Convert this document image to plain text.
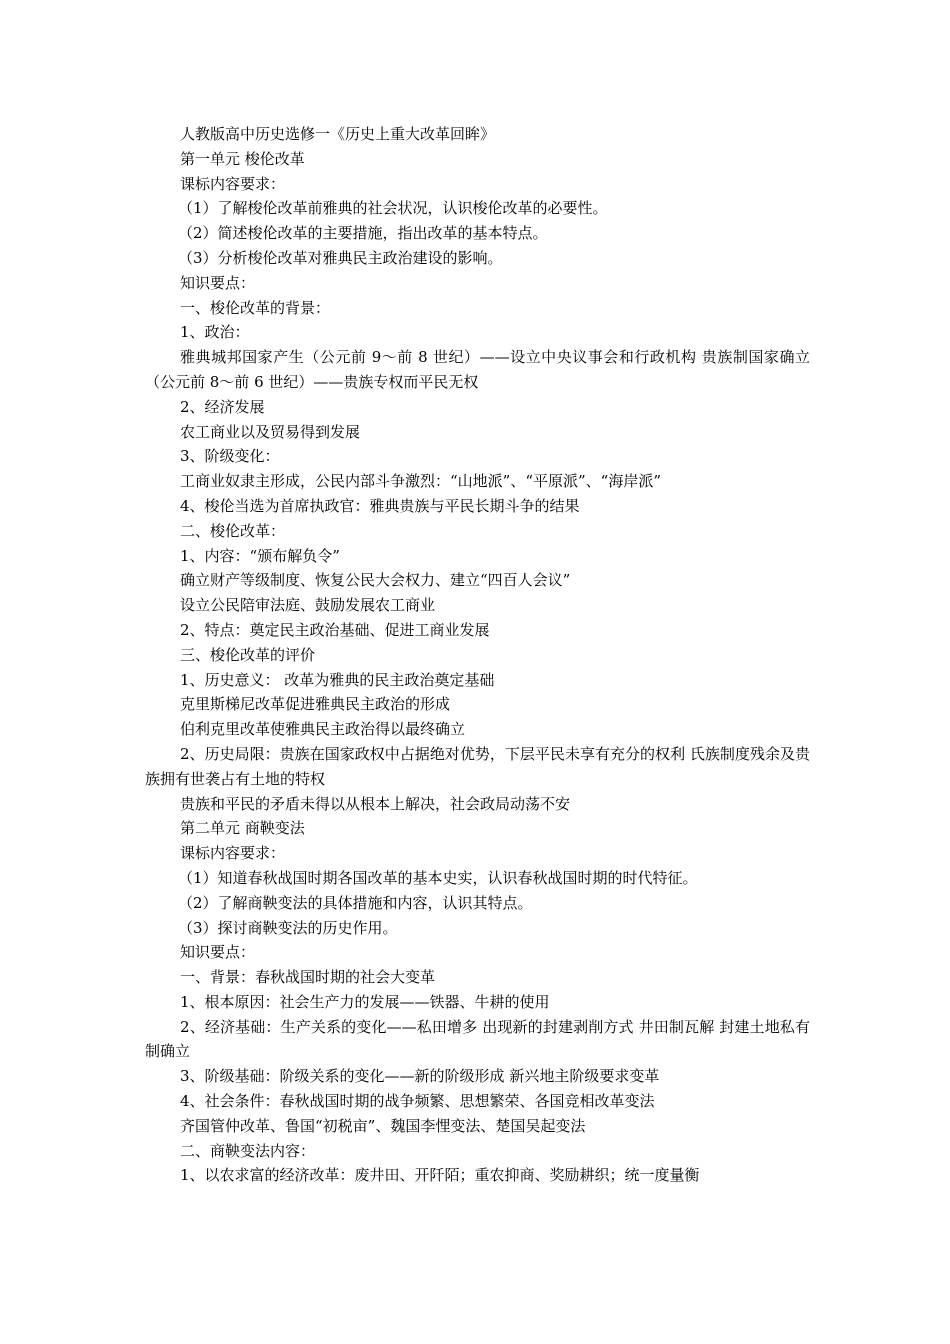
人教版高中历史选修一《历史上重大改革回眸》
第一单元 梭伦改革
课标内容要求：
（1）了解梭伦改革前雅典的社会状况，认识梭伦改革的必要性。
（2）简述梭伦改革的主要措施，指出改革的基本特点。
（3）分析梭伦改革对雅典民主政治建设的影响。
知识要点：
一、梭伦改革的背景：
1、政治：
雅典城邦国家产生（公元前 9～前 8 世纪）——设立中央议事会和行政机构 贵族制国家确立（公元前 8～前 6 世纪）——贵族专权而平民无权
2、经济发展
农工商业以及贸易得到发展
3、阶级变化：
工商业奴隶主形成，公民内部斗争激烈：“山地派”、“平原派”、“海岸派”
4、梭伦当选为首席执政官：雅典贵族与平民长期斗争的结果
二、梭伦改革：
1、内容：“颁布解负令”
确立财产等级制度、恢复公民大会权力、建立“四百人会议”
设立公民陪审法庭、鼓励发展农工商业
2、特点：奠定民主政治基础、促进工商业发展
三、梭伦改革的评价
1、历史意义： 改革为雅典的民主政治奠定基础
克里斯梯尼改革促进雅典民主政治的形成
伯利克里改革使雅典民主政治得以最终确立
2、历史局限：贵族在国家政权中占据绝对优势，下层平民未享有充分的权利 氏族制度残余及贵族拥有世袭占有土地的特权
贵族和平民的矛盾未得以从根本上解决，社会政局动荡不安
第二单元 商鞅变法
课标内容要求：
（1）知道春秋战国时期各国改革的基本史实，认识春秋战国时期的时代特征。
（2）了解商鞅变法的具体措施和内容，认识其特点。
（3）探讨商鞅变法的历史作用。
知识要点：
一、背景：春秋战国时期的社会大变革
1、根本原因：社会生产力的发展——铁器、牛耕的使用
2、经济基础：生产关系的变化——私田增多 出现新的封建剥削方式 井田制瓦解 封建土地私有制确立
3、阶级基础：阶级关系的变化——新的阶级形成 新兴地主阶级要求变革
4、社会条件：春秋战国时期的战争频繁、思想繁荣、各国竞相改革变法
齐国管仲改革、鲁国“初税亩”、魏国李悝变法、楚国吴起变法
二、商鞅变法内容：
1、以农求富的经济改革：废井田、开阡陌；重农抑商、奖励耕织；统一度量衡
